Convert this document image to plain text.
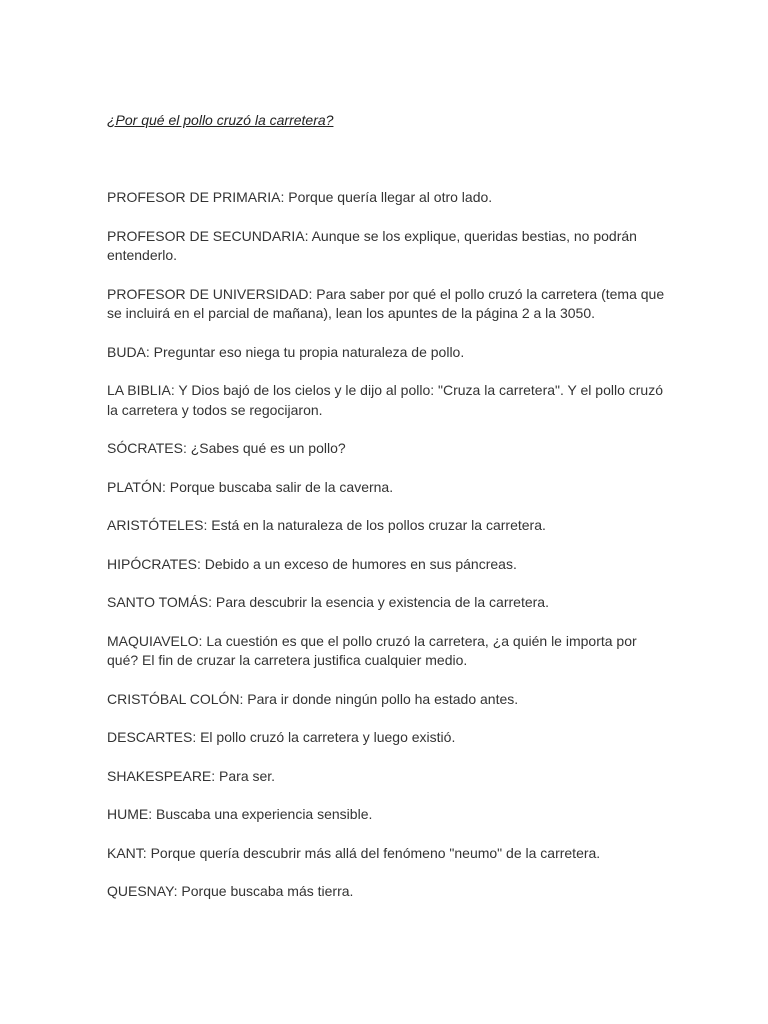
¿Por qué el pollo cruzó la carretera?

PROFESOR DE PRIMARIA: Porque quería llegar al otro lado.

PROFESOR DE SECUNDARIA: Aunque se los explique, queridas bestias, no podrán entenderlo.

PROFESOR DE UNIVERSIDAD: Para saber por qué el pollo cruzó la carretera (tema que se incluirá en el parcial de mañana), lean los apuntes de la página 2 a la 3050.

BUDA: Preguntar eso niega tu propia naturaleza de pollo.

LA BIBLIA: Y Dios bajó de los cielos y le dijo al pollo: "Cruza la carretera". Y el pollo cruzó la carretera y todos se regocijaron.

SÓCRATES: ¿Sabes qué es un pollo?

PLATÓN: Porque buscaba salir de la caverna.

ARISTÓTELES: Está en la naturaleza de los pollos cruzar la carretera.

HIPÓCRATES: Debido a un exceso de humores en sus páncreas.

SANTO TOMÁS: Para descubrir la esencia y existencia de la carretera.

MAQUIAVELO: La cuestión es que el pollo cruzó la carretera, ¿a quién le importa por qué? El fin de cruzar la carretera justifica cualquier medio.

CRISTÓBAL COLÓN: Para ir donde ningún pollo ha estado antes.

DESCARTES: El pollo cruzó la carretera y luego existió.

SHAKESPEARE: Para ser.

HUME: Buscaba una experiencia sensible.

KANT: Porque quería descubrir más allá del fenómeno "neumo" de la carretera.

QUESNAY: Porque buscaba más tierra.
